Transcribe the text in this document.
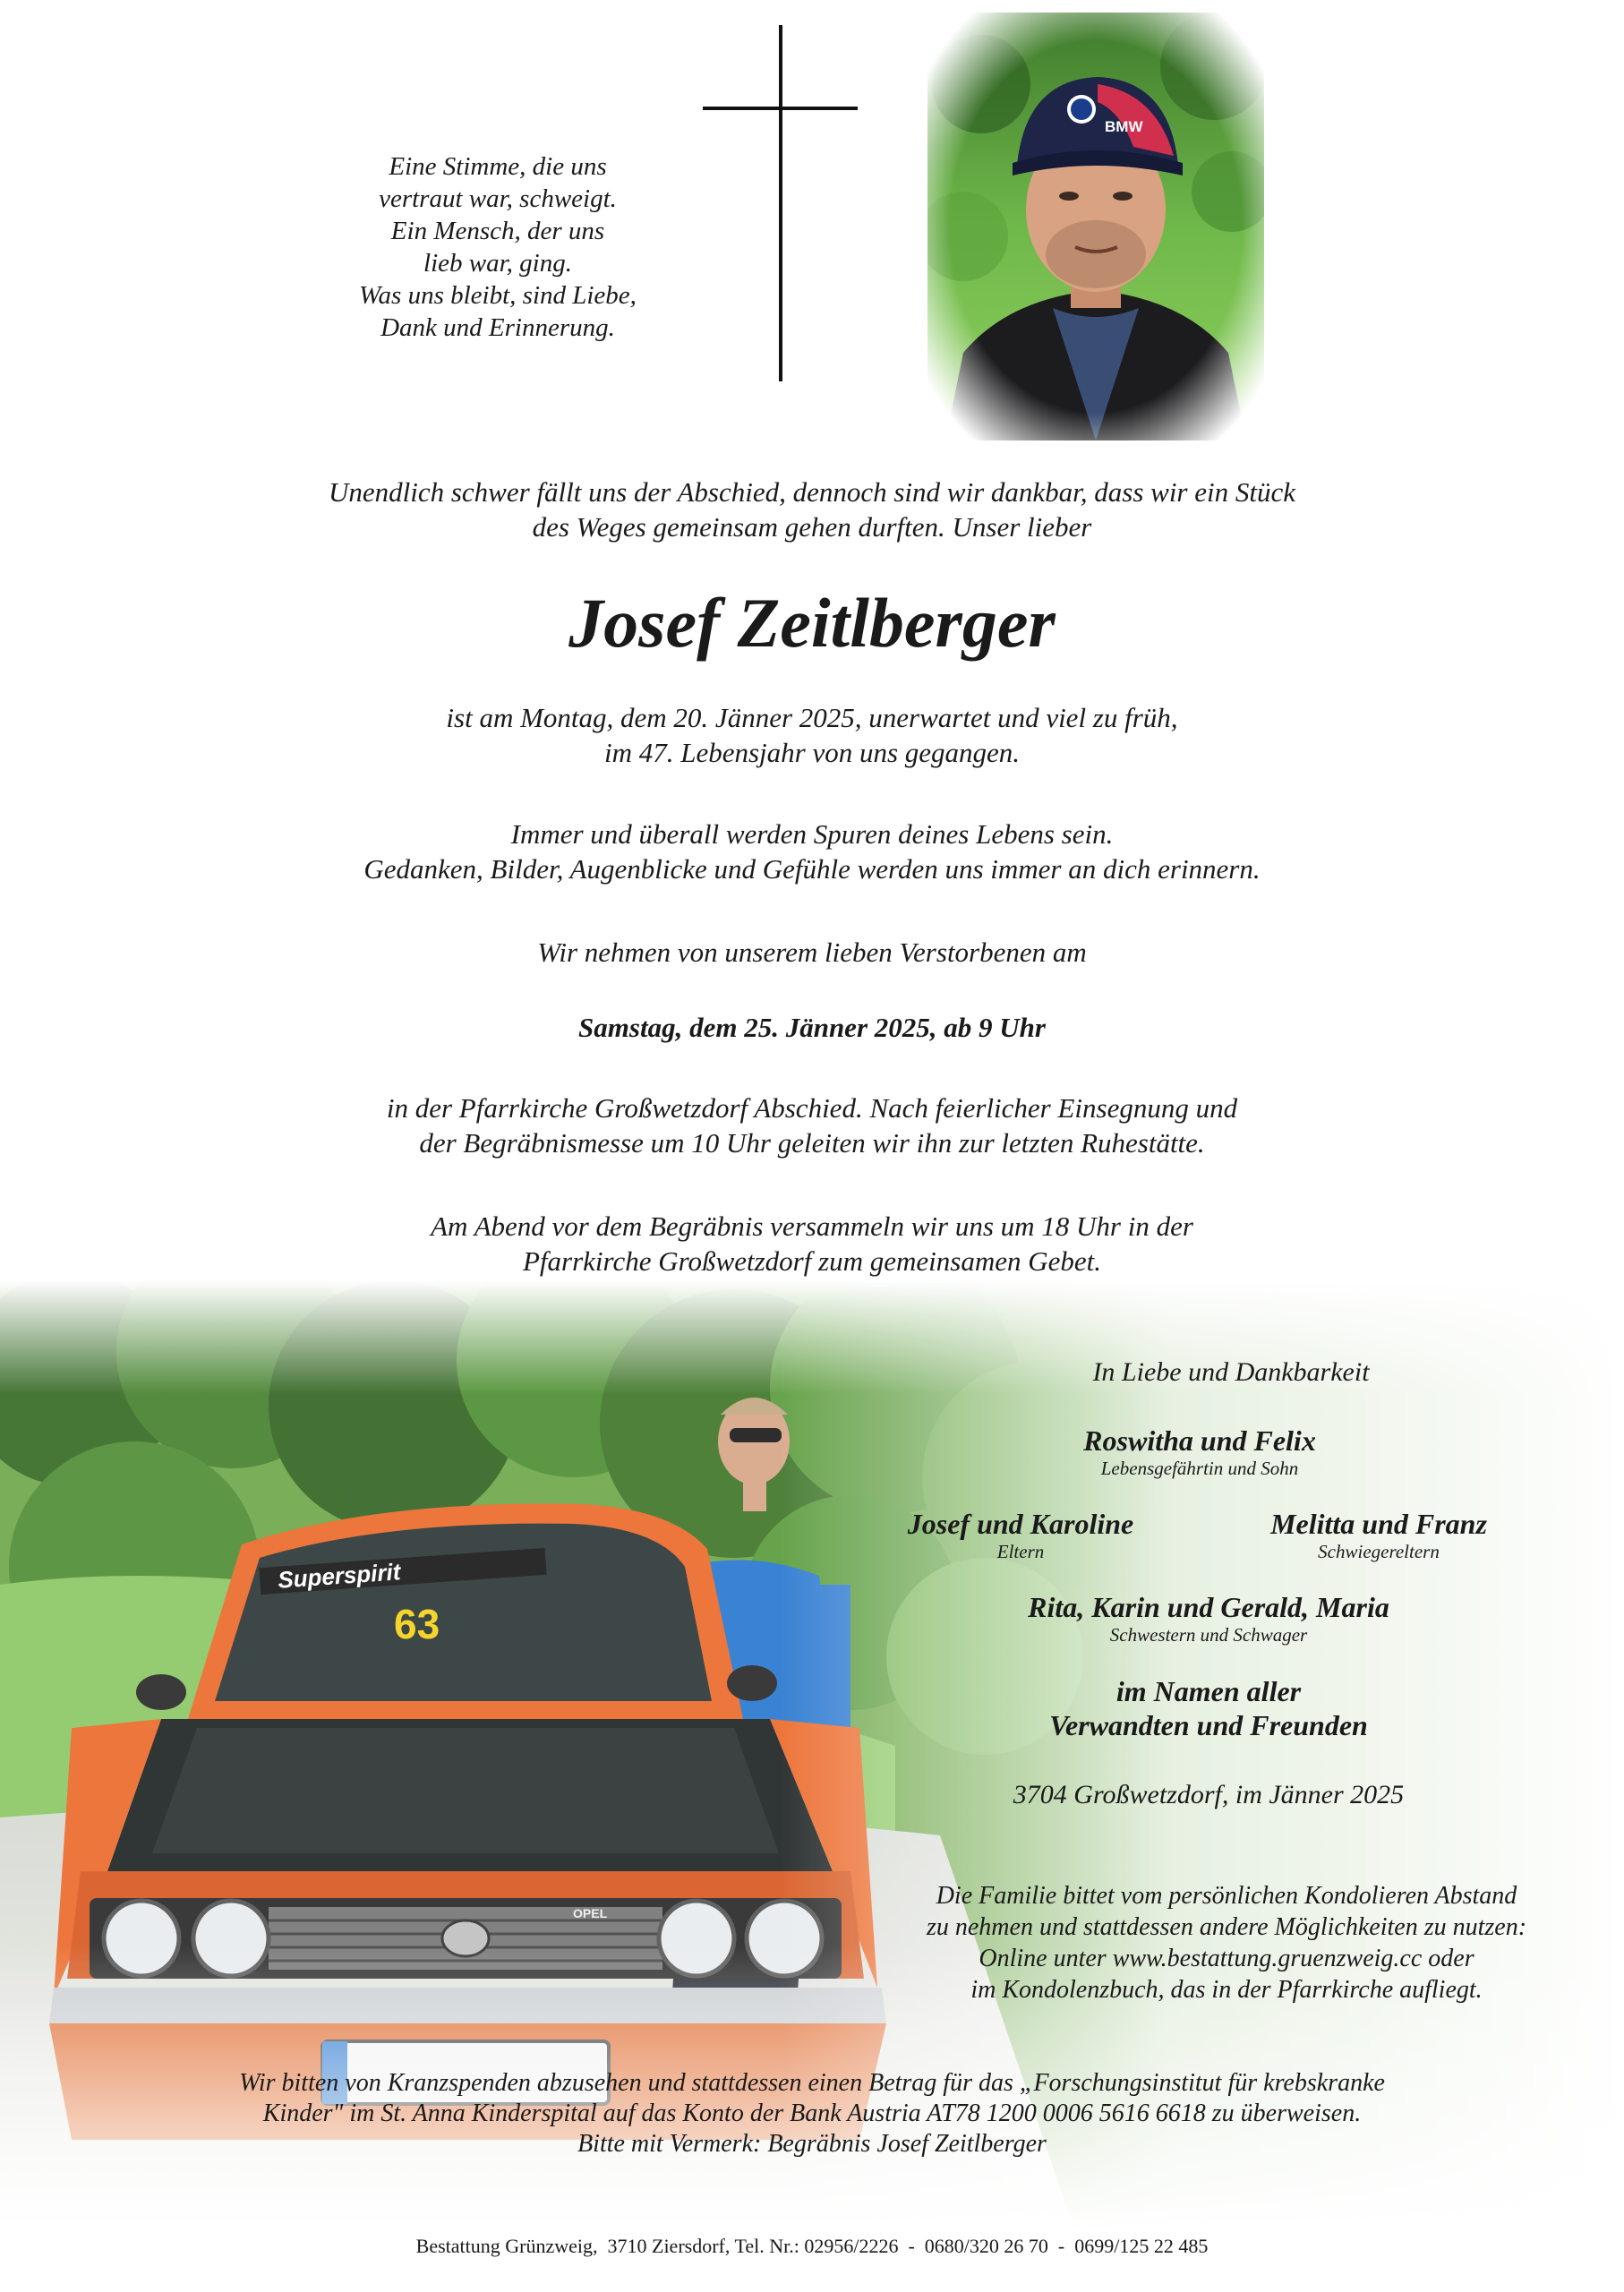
Eine Stimme, die uns
vertraut war, schweigt.
Ein Mensch, der uns
lieb war, ging.
Was uns bleibt, sind Liebe,
Dank und Erinnerung.
Unendlich schwer fällt uns der Abschied, dennoch sind wir dankbar, dass wir ein Stück
des Weges gemeinsam gehen durften. Unser lieber
Josef Zeitlberger
ist am Montag, dem 20. Jänner 2025, unerwartet und viel zu früh,
im 47. Lebensjahr von uns gegangen.
Immer und überall werden Spuren deines Lebens sein.
Gedanken, Bilder, Augenblicke und Gefühle werden uns immer an dich erinnern.
Wir nehmen von unserem lieben Verstorbenen am
Samstag, dem 25. Jänner 2025, ab 9 Uhr
in der Pfarrkirche Großwetzdorf Abschied. Nach feierlicher Einsegnung und
der Begräbnismesse um 10 Uhr geleiten wir ihn zur letzten Ruhestätte.
Am Abend vor dem Begräbnis versammeln wir uns um 18 Uhr in der
Pfarrkirche Großwetzdorf zum gemeinsamen Gebet.
In Liebe und Dankbarkeit
Roswitha und Felix
Lebensgefährtin und Sohn
Josef und Karoline
Eltern
Melitta und Franz
Schwiegereltern
Rita, Karin und Gerald, Maria
Schwestern und Schwager
im Namen aller
Verwandten und Freunden
3704 Großwetzdorf, im Jänner 2025
Die Familie bittet vom persönlichen Kondolieren Abstand
zu nehmen und stattdessen andere Möglichkeiten zu nutzen:
Online unter www.bestattung.gruenzweig.cc oder
im Kondolenzbuch, das in der Pfarrkirche aufliegt.
Wir bitten von Kranzspenden abzusehen und stattdessen einen Betrag für das „Forschungsinstitut für krebskranke
Kinder" im St. Anna Kinderspital auf das Konto der Bank Austria AT78 1200 0006 5616 6618 zu überweisen.
Bitte mit Vermerk: Begräbnis Josef Zeitlberger
Bestattung Grünzweig,  3710 Ziersdorf, Tel. Nr.: 02956/2226  -  0680/320 26 70  -  0699/125 22 485
